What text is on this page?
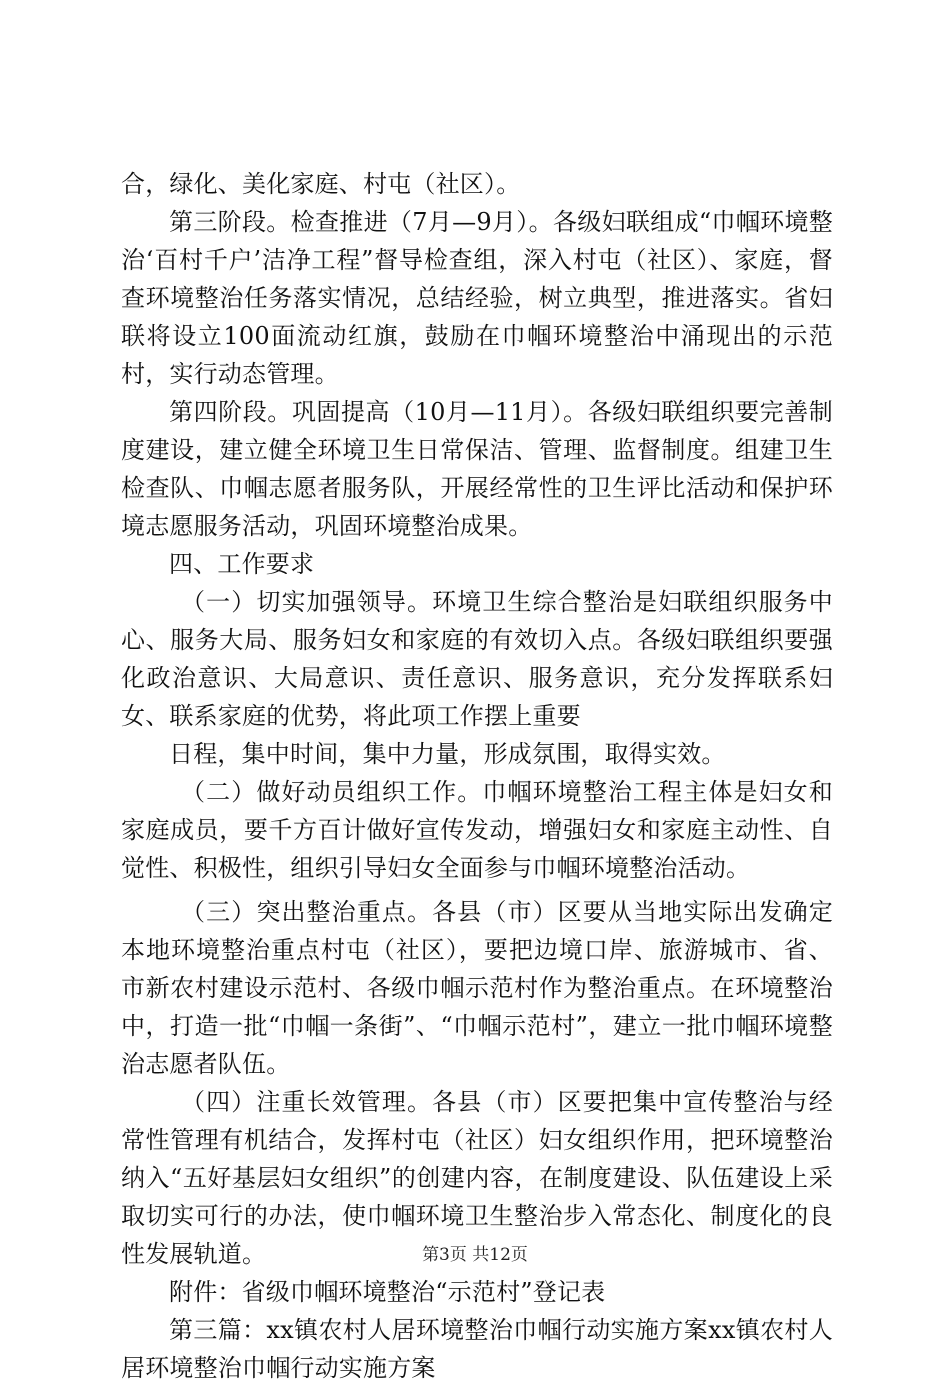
合，绿化、美化家庭、村屯（社区）。

第三阶段。检查推进（7月—9月）。各级妇联组成“巾帼环境整治‘百村千户’洁净工程”督导检查组，深入村屯（社区）、家庭，督查环境整治任务落实情况，总结经验，树立典型，推进落实。省妇联将设立100面流动红旗，鼓励在巾帼环境整治中涌现出的示范村，实行动态管理。

第四阶段。巩固提高（10月—11月）。各级妇联组织要完善制度建设，建立健全环境卫生日常保洁、管理、监督制度。组建卫生检查队、巾帼志愿者服务队，开展经常性的卫生评比活动和保护环境志愿服务活动，巩固环境整治成果。

四、工作要求

（一）切实加强领导。环境卫生综合整治是妇联组织服务中心、服务大局、服务妇女和家庭的有效切入点。各级妇联组织要强化政治意识、大局意识、责任意识、服务意识，充分发挥联系妇女、联系家庭的优势，将此项工作摆上重要

日程，集中时间，集中力量，形成氛围，取得实效。

（二）做好动员组织工作。巾帼环境整治工程主体是妇女和家庭成员，要千方百计做好宣传发动，增强妇女和家庭主动性、自觉性、积极性，组织引导妇女全面参与巾帼环境整治活动。

（三）突出整治重点。各县（市）区要从当地实际出发确定本地环境整治重点村屯（社区），要把边境口岸、旅游城市、省、市新农村建设示范村、各级巾帼示范村作为整治重点。在环境整治中，打造一批“巾帼一条街”、“巾帼示范村”，建立一批巾帼环境整治志愿者队伍。

（四）注重长效管理。各县（市）区要把集中宣传整治与经常性管理有机结合，发挥村屯（社区）妇女组织作用，把环境整治纳入“五好基层妇女组织”的创建内容，在制度建设、队伍建设上采取切实可行的办法，使巾帼环境卫生整治步入常态化、制度化的良性发展轨道。

附件：省级巾帼环境整治“示范村”登记表

第三篇：xx镇农村人居环境整治巾帼行动实施方案xx镇农村人居环境整治巾帼行动实施方案

第3页 共12页
